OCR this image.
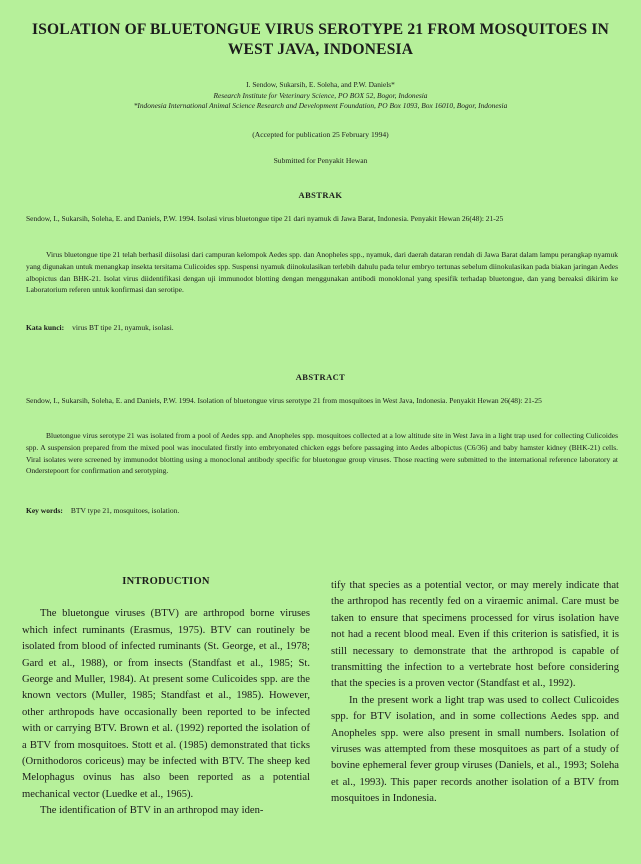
ISOLATION OF BLUETONGUE VIRUS SEROTYPE 21 FROM MOSQUITOES IN WEST JAVA, INDONESIA
I. Sendow, Sukarsih, E. Soleha, and P.W. Daniels*
Research Institute for Veterinary Science, PO BOX 52, Bogor, Indonesia
*Indonesia International Animal Science Research and Development Foundation, PO Box 1093, Box 16010, Bogor, Indonesia
(Accepted for publication 25 February 1994)
Submitted for Penyakit Hewan
ABSTRAK
Sendow, I., Sukarsih, Soleha, E. and Daniels, P.W. 1994. Isolasi virus bluetongue tipe 21 dari nyamuk di Jawa Barat, Indonesia. Penyakit Hewan 26(48): 21-25

Virus bluetongue tipe 21 telah berhasil diisolasi dari campuran kelompok Aedes spp. dan Anopheles spp., nyamuk, dari daerah dataran rendah di Jawa Barat dalam lampu perangkap nyamuk yang digunakan untuk menangkap insekta tersitama Culicoides spp. Suspensi nyamuk diinokulasikan terlebih dahulu pada telur embryo tertunas sebelum diinokulasikan pada biakan jaringan Aedes albopictus dan BHK-21. Isolat virus diidentifikasi dengan uji immunodot blotting dengan menggunakan antibodi monoklonal yang spesifik terhadap bluetongue, dan yang bereaksi dikirim ke Laboratorium referen untuk konfirmasi dan serotipe.

Kata kunci: virus BT tipe 21, nyamuk, isolasi.
ABSTRACT
Sendow, I., Sukarsih, Soleha, E. and Daniels, P.W. 1994. Isolation of bluetongue virus serotype 21 from mosquitoes in West Java, Indonesia. Penyakit Hewan 26(48): 21-25

Bluetongue virus serotype 21 was isolated from a pool of Aedes spp. and Anopheles spp. mosquitoes collected at a low altitude site in West Java in a light trap used for collecting Culicoides spp. A suspension prepared from the mixed pool was inoculated firstly into embryonated chicken eggs before passaging into Aedes albopictus (C6/36) and baby hamster kidney (BHK-21) cells. Viral isolates were screened by immunodot blotting using a monoclonal antibody specific for bluetongue group viruses. Those reacting were submitted to the international reference laboratory at Onderstepoort for confirmation and serotyping.

Key words: BTV type 21, mosquitoes, isolation.
INTRODUCTION

The bluetongue viruses (BTV) are arthropod borne viruses which infect ruminants (Erasmus, 1975). BTV can routinely be isolated from blood of infected ruminants (St. George, et al., 1978; Gard et al., 1988), or from insects (Standfast et al., 1985; St. George and Muller, 1984). At present some Culicoides spp. are the known vectors (Muller, 1985; Standfast et al., 1985). However, other arthropods have occasionally been reported to be infected with or carrying BTV. Brown et al. (1992) reported the isolation of a BTV from mosquitoes. Stott et al. (1985) demonstrated that ticks (Ornithodoros coriceus) may be infected with BTV. The sheep ked Melophagus ovinus has also been reported as a potential mechanical vector (Luedke et al., 1965).

The identification of BTV in an arthropod may iden-

tify that species as a potential vector, or may merely indicate that the arthropod has recently fed on a viraemic animal. Care must be taken to ensure that specimens processed for virus isolation have not had a recent blood meal. Even if this criterion is satisfied, it is still necessary to demonstrate that the arthropod is capable of transmitting the infection to a vertebrate host before considering that the species is a proven vector (Standfast et al., 1992).

In the present work a light trap was used to collect Culicoides spp. for BTV isolation, and in some collections Aedes spp. and Anopheles spp. were also present in small numbers. Isolation of viruses was attempted from these mosquitoes as part of a study of bovine ephemeral fever group viruses (Daniels, et al., 1993; Soleha et al., 1993). This paper records another isolation of a BTV from mosquitoes in Indonesia.
